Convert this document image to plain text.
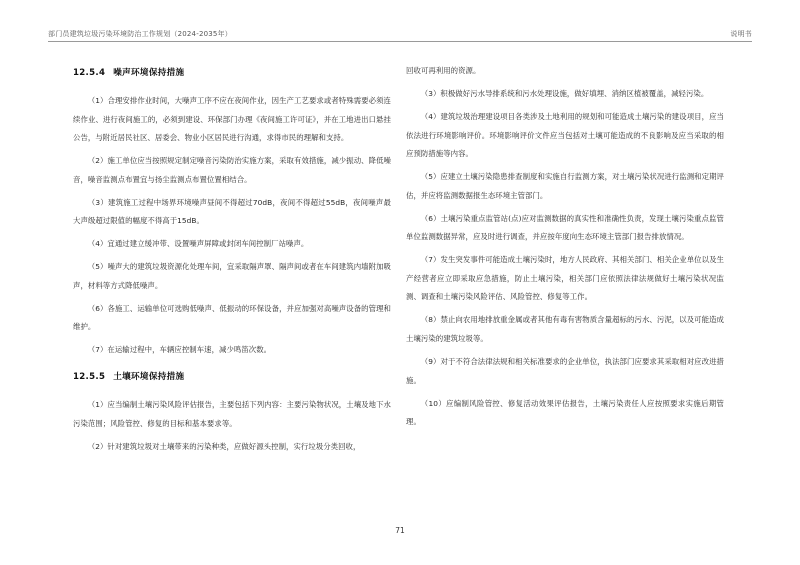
部门员建筑垃圾污染环境防治工作规划（2024-2035年）	说明书
12.5.4 噪声环境保持措施

（1）合理安排作业时间，大噪声工序不应在夜间作业，因生产工艺要求或者特殊需要必须连续作业、进行夜间施工的，必须到建设、环保部门办理《夜间施工许可证》，并在工地进出口悬挂公告，与附近居民社区、居委会、物业小区居民进行沟通，求得市民的理解和支持。

（2）施工单位应当按照规定制定噪音污染防治实施方案，采取有效措施，减少振动、降低噪音，噪音监测点布置宜与扬尘监测点布置位置相结合。

（3）建筑施工过程中场界环境噪声昼间不得超过70dB，夜间不得超过55dB，夜间噪声最大声级超过限值的幅度不得高于15dB。

（4）宜通过建立缓冲带、设置噪声屏障或封闭车间控制厂站噪声。

（5）噪声大的建筑垃圾资源化处理车间，宜采取隔声罩、隔声间或者在车间建筑内墙附加吸声，材料等方式降低噪声。

（6）各施工、运输单位可选购低噪声、低振动的环保设备，并应加强对高噪声设备的管理和维护。

（7）在运输过程中，车辆应控制车速，减少鸣笛次数。

12.5.5 土壤环境保持措施

（1）应当编制土壤污染风险评估报告，主要包括下列内容：主要污染物状况，土壤及地下水污染范围；风险管控、修复的目标和基本要求等。

（2）针对建筑垃圾对土壤带来的污染种类，应做好源头控制，实行垃圾分类回收，

回收可再利用的资源。

（3）积极做好污水导排系统和污水处理设施，做好填埋、消纳区植被覆盖，减轻污染。

（4）建筑垃圾治理建设项目各类涉及土地利用的规划和可能造成土壤污染的建设项目，应当依法进行环境影响评价。环境影响评价文件应当包括对土壤可能造成的不良影响及应当采取的相应预防措施等内容。

（5）应建立土壤污染隐患排查制度和实施自行监测方案，对土壤污染状况进行监测和定期评估，并应将监测数据报生态环境主管部门。

（6）土壤污染重点监管站(点)应对监测数据的真实性和准确性负责，发现土壤污染重点监管单位监测数据异常，应及时进行调查，并应按年度向生态环境主管部门报告排放情况。

（7）发生突发事件可能造成土壤污染时，地方人民政府、其相关部门、相关企业单位以及生产经营者应立即采取应急措施，防止土壤污染，相关部门应依照法律法规做好土壤污染状况监测、调查和土壤污染风险评估、风险管控、修复等工作。

（8）禁止向农用地排放重金属或者其他有毒有害物质含量超标的污水、污泥，以及可能造成土壤污染的建筑垃圾等。

（9）对于不符合法律法规和相关标准要求的企业单位，执法部门应要求其采取相对应改进措施。

（10）应编制风险管控、修复活动效果评估报告，土壤污染责任人应按照要求实施后期管理。

71
